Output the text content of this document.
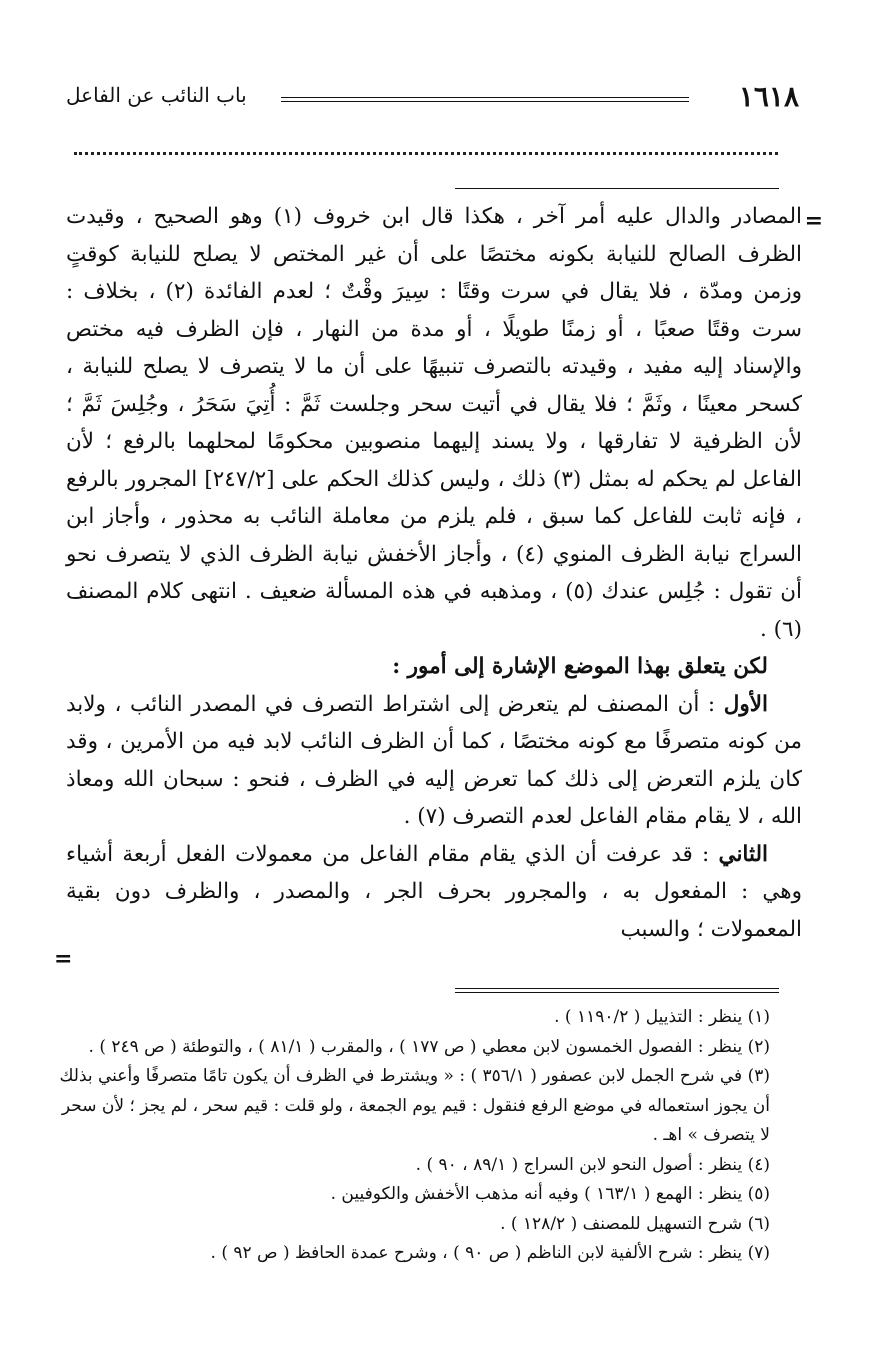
١٦١٨
باب النائب عن الفاعل
=

المصادر والدال عليه أمر آخر ، هكذا قال ابن خروف (١) وهو الصحيح ، وقيدت الظرف الصالح للنيابة بكونه مختصًا على أن غير المختص لا يصلح للنيابة كوقتٍ وزمن ومدّة ، فلا يقال في سرت وقتًا : سِيرَ وقْتٌ ؛ لعدم الفائدة (٢) ، بخلاف : سرت وقتًا صعبًا ، أو زمنًا طويلًا ، أو مدة من النهار ، فإن الظرف فيه مختص والإسناد إليه مفيد ، وقيدته بالتصرف تنبيهًا على أن ما لا يتصرف لا يصلح للنيابة ، كسحر معينًا ، وثَمَّ ؛ فلا يقال في أتيت سحر وجلست ثَمَّ : أُتِيَ سَحَرُ ، وجُلِسَ ثَمَّ ؛ لأن الظرفية لا تفارقها ، ولا يسند إليهما منصوبين محكومًا لمحلهما بالرفع ؛ لأن الفاعل لم يحكم له بمثل (٣) ذلك ، وليس كذلك الحكم على [٢٤٧/٢] المجرور بالرفع ، فإنه ثابت للفاعل كما سبق ، فلم يلزم من معاملة النائب به محذور ، وأجاز ابن السراج نيابة الظرف المنوي (٤) ، وأجاز الأخفش نيابة الظرف الذي لا يتصرف نحو أن تقول : جُلِس عندك (٥) ، ومذهبه في هذه المسألة ضعيف . انتهى كلام المصنف (٦) .

لكن يتعلق بهذا الموضع الإشارة إلى أمور :

الأول : أن المصنف لم يتعرض إلى اشتراط التصرف في المصدر النائب ، ولابد من كونه متصرفًا مع كونه مختصًا ، كما أن الظرف النائب لابد فيه من الأمرين ، وقد كان يلزم التعرض إلى ذلك كما تعرض إليه في الظرف ، فنحو : سبحان الله ومعاذ الله ، لا يقام مقام الفاعل لعدم التصرف (٧) .

الثاني : قد عرفت أن الذي يقام مقام الفاعل من معمولات الفعل أربعة أشياء وهي : المفعول به ، والمجرور بحرف الجر ، والمصدر ، والظرف دون بقية المعمولات ؛ والسبب

=
(١) ينظر : التذييل ( ١١٩٠/٢ ) .
(٢) ينظر : الفصول الخمسون لابن معطي ( ص ١٧٧ ) ، والمقرب ( ٨١/١ ) ، والتوطئة ( ص ٢٤٩ ) .
(٣) في شرح الجمل لابن عصفور ( ٣٥٦/١ ) : « ويشترط في الظرف أن يكون تامًا متصرفًا وأعني بذلك أن يجوز استعماله في موضع الرفع فنقول : قيم يوم الجمعة ، ولو قلت : قيم سحر ، لم يجز ؛ لأن سحر لا يتصرف » اهـ .
(٤) ينظر : أصول النحو لابن السراج ( ٨٩/١ ، ٩٠ ) .
(٥) ينظر : الهمع ( ١٦٣/١ ) وفيه أنه مذهب الأخفش والكوفيين .
(٦) شرح التسهيل للمصنف ( ١٢٨/٢ ) .
(٧) ينظر : شرح الألفية لابن الناظم ( ص ٩٠ ) ، وشرح عمدة الحافظ ( ص ٩٢ ) .
